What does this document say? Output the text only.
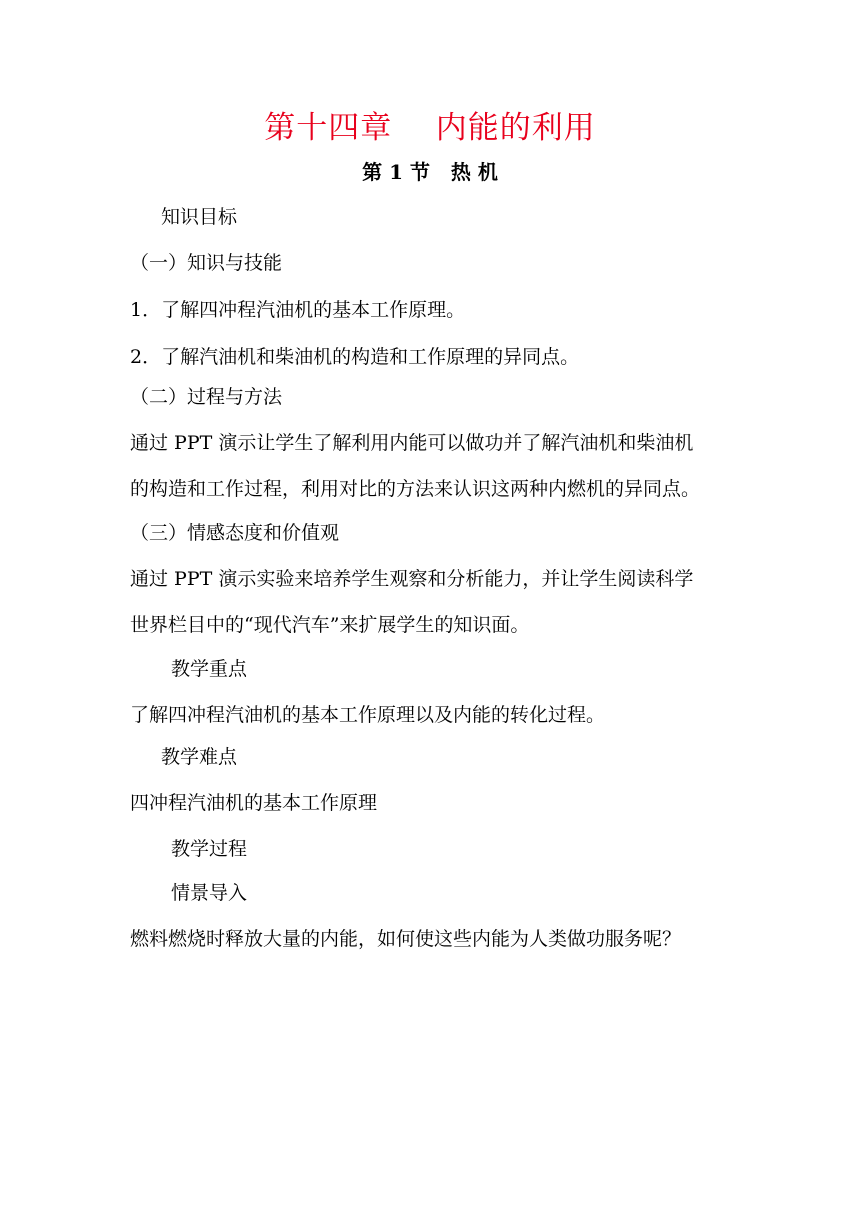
第十四章    内能的利用
第 1 节   热 机
知识目标
（一）知识与技能
1．了解四冲程汽油机的基本工作原理。
2．了解汽油机和柴油机的构造和工作原理的异同点。
（二）过程与方法
通过 PPT 演示让学生了解利用内能可以做功并了解汽油机和柴油机
的构造和工作过程，利用对比的方法来认识这两种内燃机的异同点。
（三）情感态度和价值观
通过 PPT 演示实验来培养学生观察和分析能力，并让学生阅读科学
世界栏目中的“现代汽车”来扩展学生的知识面。
教学重点
了解四冲程汽油机的基本工作原理以及内能的转化过程。
教学难点
四冲程汽油机的基本工作原理
教学过程
情景导入
燃料燃烧时释放大量的内能，如何使这些内能为人类做功服务呢？
